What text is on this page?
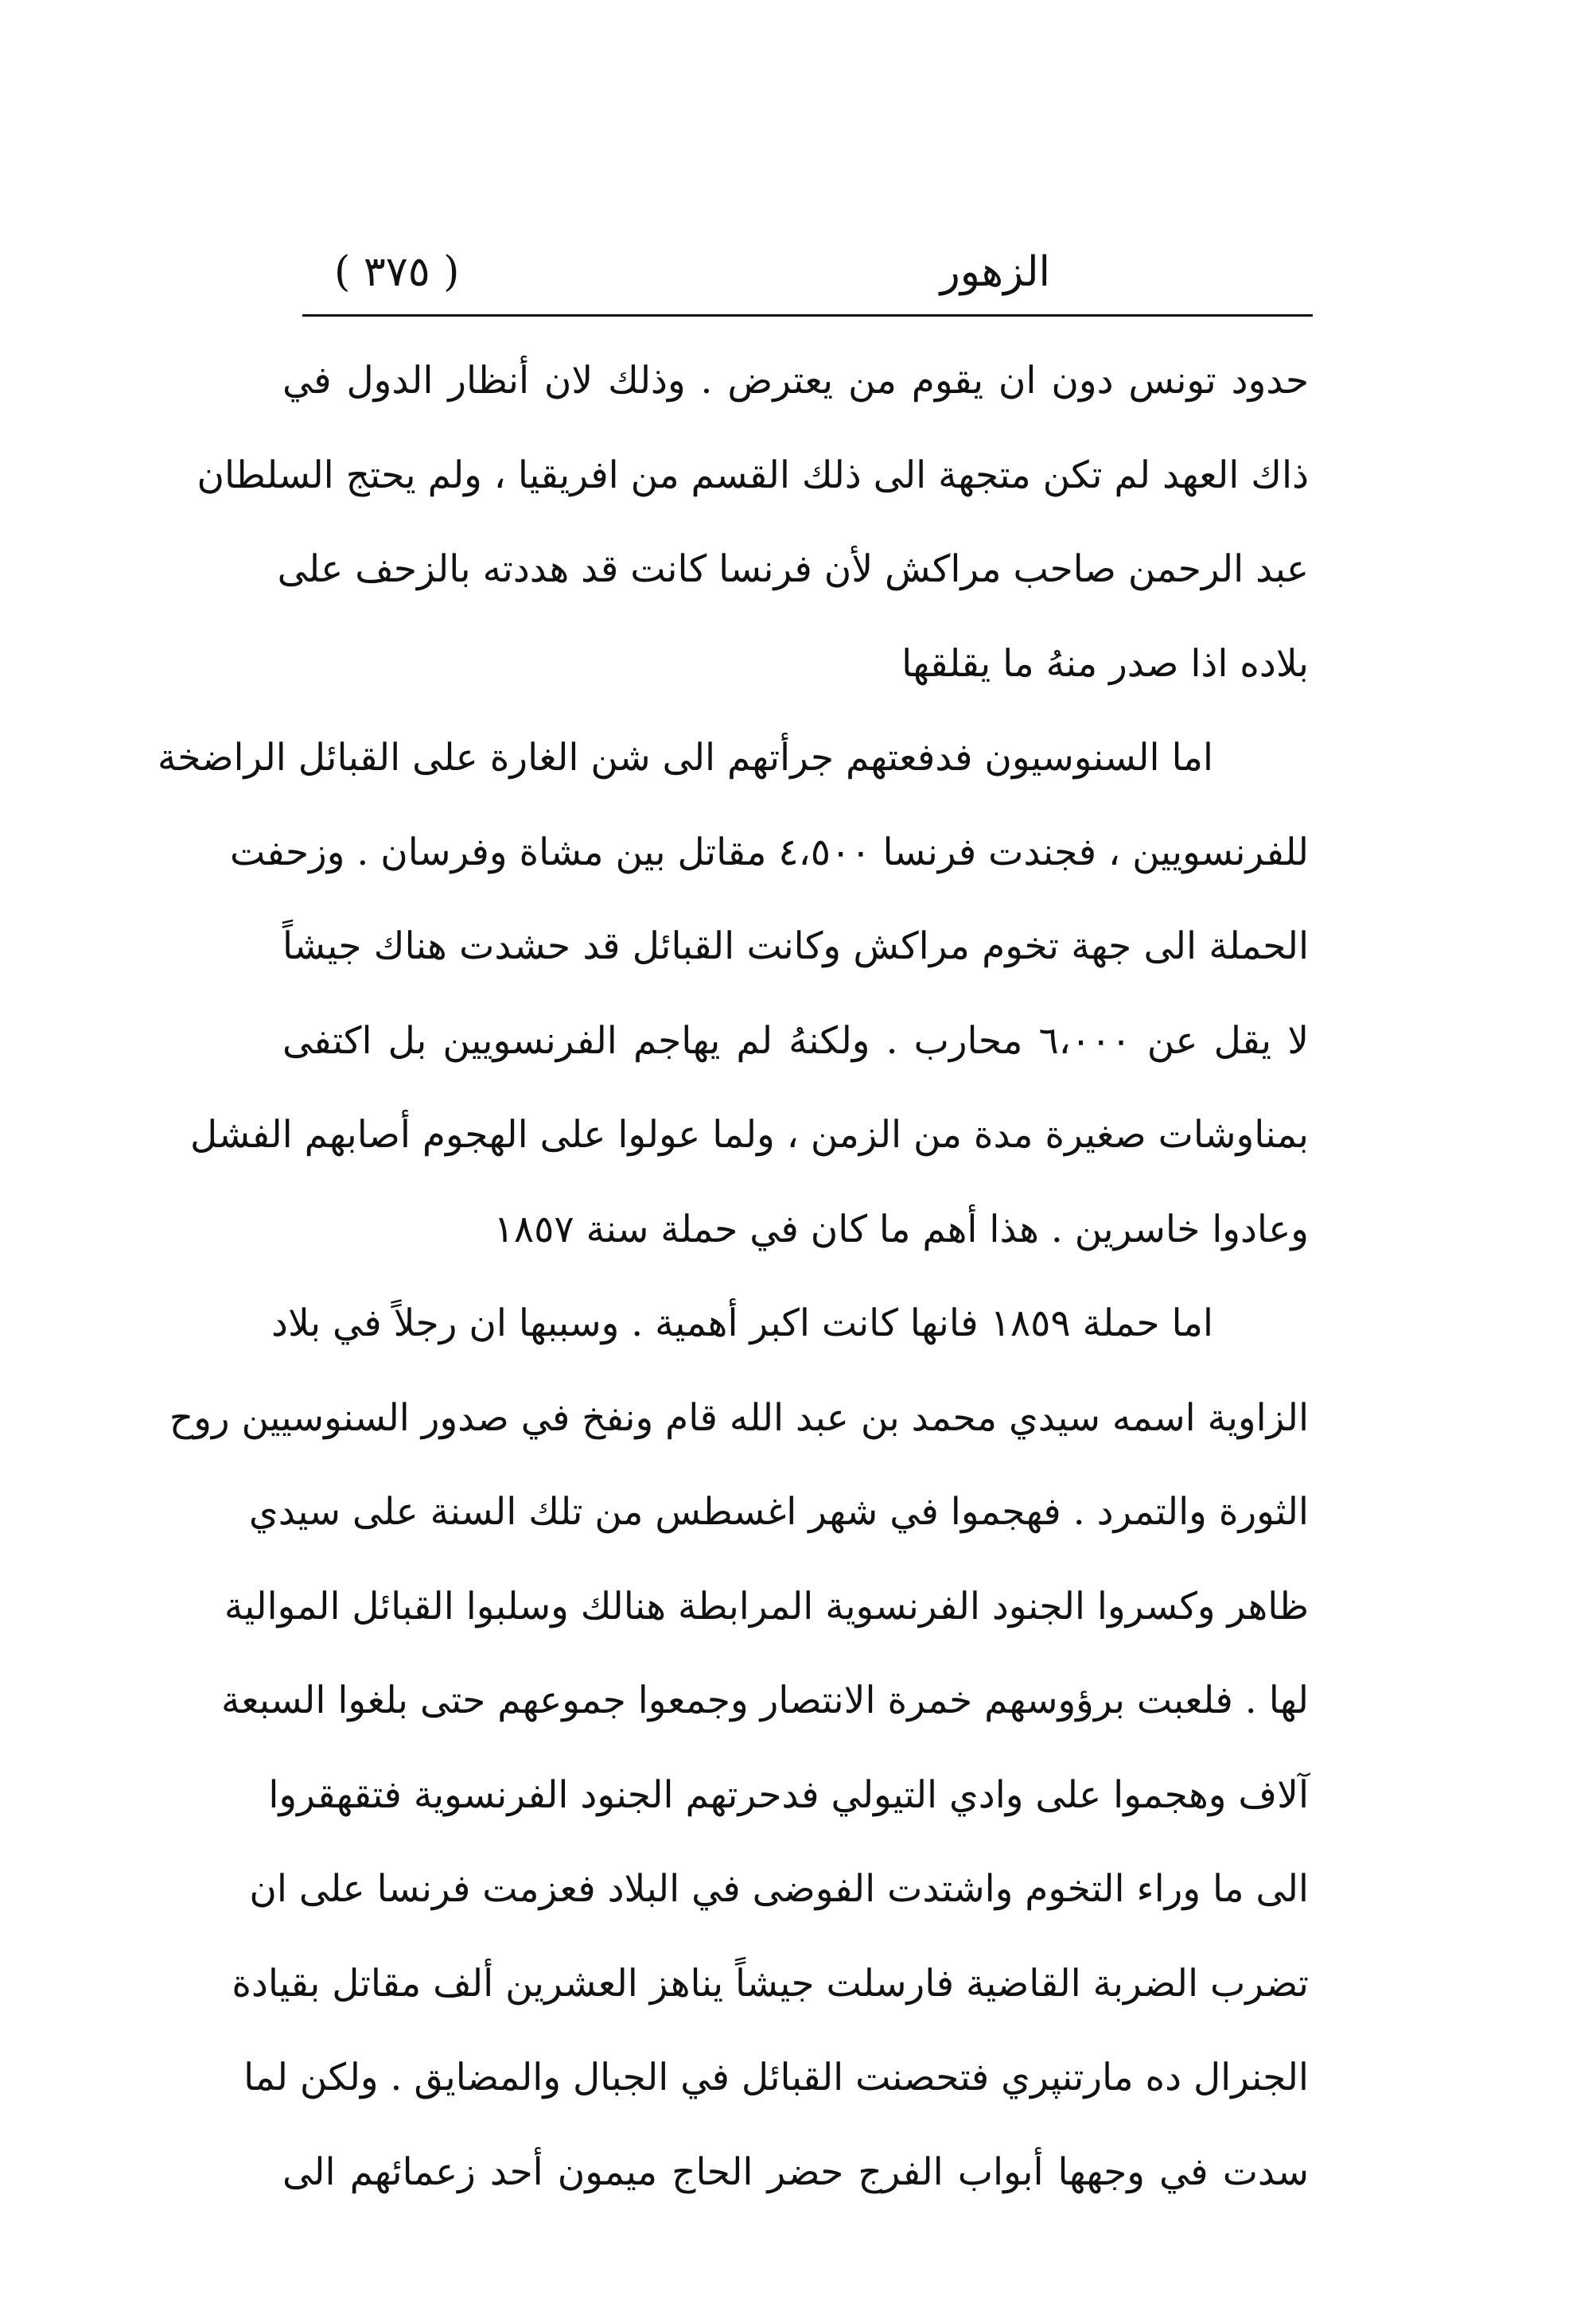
الزهور
( ٣٧٥ )
حدود تونس دون ان يقوم من يعترض . وذلك لان أنظار الدول في
ذاك العهد لم تكن متجهة الى ذلك القسم من افريقيا ، ولم يحتج السلطان
عبد الرحمن صاحب مراكش لأن فرنسا كانت قد هددته بالزحف على
بلاده اذا صدر منهُ ما يقلقها
اما السنوسيون فدفعتهم جرأتهم الى شن الغارة على القبائل الراضخة
للفرنسويين ، فجندت فرنسا ٤،٥٠٠ مقاتل بين مشاة وفرسان . وزحفت
الحملة الى جهة تخوم مراكش وكانت القبائل قد حشدت هناك جيشاً
لا يقل عن ٦،٠٠٠ محارب . ولكنهُ لم يهاجم الفرنسويين بل اكتفى
بمناوشات صغيرة مدة من الزمن ، ولما عولوا على الهجوم أصابهم الفشل
وعادوا خاسرين . هذا أهم ما كان في حملة سنة ١٨٥٧
اما حملة ١٨٥٩ فانها كانت اكبر أهمية . وسببها ان رجلاً في بلاد
الزاوية اسمه سيدي محمد بن عبد الله قام ونفخ في صدور السنوسيين روح
الثورة والتمرد . فهجموا في شهر اغسطس من تلك السنة على سيدي
ظاهر وكسروا الجنود الفرنسوية المرابطة هنالك وسلبوا القبائل الموالية
لها . فلعبت برؤوسهم خمرة الانتصار وجمعوا جموعهم حتى بلغوا السبعة
آلاف وهجموا على وادي التيولي فدحرتهم الجنود الفرنسوية فتقهقروا
الى ما وراء التخوم واشتدت الفوضى في البلاد فعزمت فرنسا على ان
تضرب الضربة القاضية فارسلت جيشاً يناهز العشرين ألف مقاتل بقيادة
الجنرال ده مارتنپري فتحصنت القبائل في الجبال والمضايق . ولكن لما
سدت في وجهها أبواب الفرج حضر الحاج ميمون أحد زعمائهم الى
